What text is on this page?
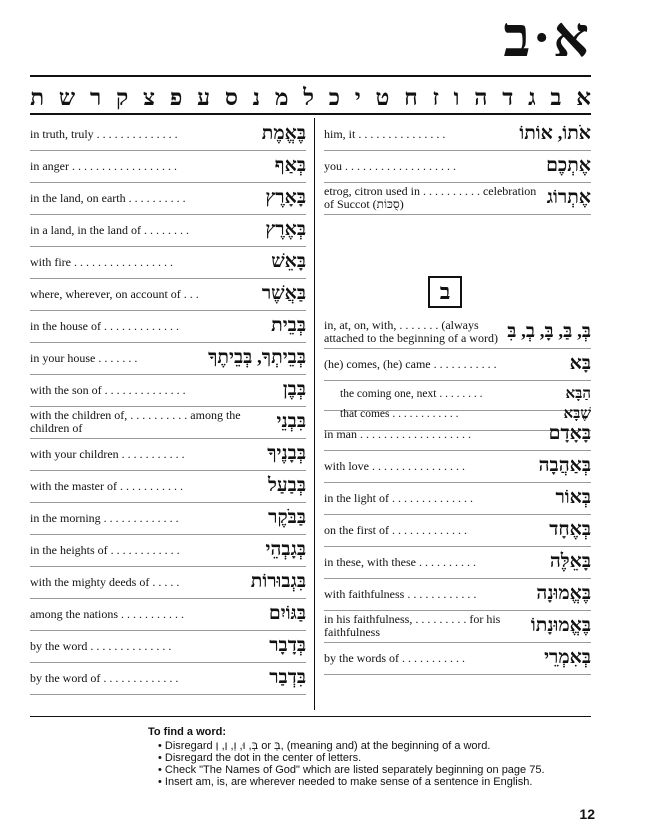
א·ב
א
ב
ג
ד
ה
ו
ז
ח
ט
י
כ
ל
מ
נ
ס
ע
פ
צ
ק
ר
ש
ת
in truth, truly . . . . . . . . . . . . . .	בֶּאֱמֶת
in anger . . . . . . . . . . . . . . . . . .	בְּאַף
in the land, on earth . . . . . . . . . .	בָּאָרֶץ
in a land, in the land of . . . . . . . .	בְּאֶרֶץ
with fire . . . . . . . . . . . . . . . . .	בָּאֵשׁ
where, wherever, on account of . . .	בַּאֲשֶׁר
in the house of . . . . . . . . . . . . .	בְּבֵית
in your house . . . . . . .	בְּבֵיתְךָ, בְּבֵיתֶךָ
with the son of . . . . . . . . . . . . . .	בְּבֶן
with the children of, . . . . . . . . . . among the children of	בִּבְנֵי
with your children . . . . . . . . . . .	בְּבָנֶיךָ
with the master of . . . . . . . . . . .	בְּבַעַל
in the morning . . . . . . . . . . . . .	בַּבֹּקֶר
in the heights of . . . . . . . . . . . .	בְּגָבְהֵי
with the mighty deeds of . . . . .	בִּגְבוּרוֹת
among the nations . . . . . . . . . . .	בַּגּוֹיִם
by the word . . . . . . . . . . . . . .	בְּדָבָר
by the word of . . . . . . . . . . . . .	בִּדְבַר
ב
him, it . . . . . . . . . . . . . . .	אֹתוֹ, אוֹתוֹ
you . . . . . . . . . . . . . . . . . . .	אֶתְכֶם
etrog, citron used in . . . . . . . . . . celebration of Succot (סֻכּוֹת)	אֶתְרוֹג
in, at, on, with, . . . . . . . (always attached to the beginning of a word) בְּ, בַּ, בָּ, בְ, בִּ
(he) comes, (he) came . . . . . . . . . . .	בָּא
the coming one, next . . . . . . . .	הַבָּא
that comes . . . . . . . . . . . .	שֶׁבָּא
in man . . . . . . . . . . . . . . . . . . .	בָּאָדָם
with love . . . . . . . . . . . . . . . .	בְּאַהֲבָה
in the light of . . . . . . . . . . . . . .	בְּאוֹר
on the first of . . . . . . . . . . . . .	בְּאֶחָד
in these, with these . . . . . . . . . .	בָּאֵלֶּה
with faithfulness . . . . . . . . . . . .	בֶּאֱמוּנָה
in his faithfulness, . . . . . . . . . for his faithfulness	בֶּאֱמוּנָתוֹ
by the words of . . . . . . . . . . .	בְּאִמְרֵי
To find a word:
• Disregard בְּ, וּ, וְ, וַ, וָ or בְּ, (meaning and) at the beginning of a word.
• Disregard the dot in the center of letters.
• Check "The Names of God" which are listed separately beginning on page 75.
• Insert am, is, are wherever needed to make sense of a sentence in English.
12
